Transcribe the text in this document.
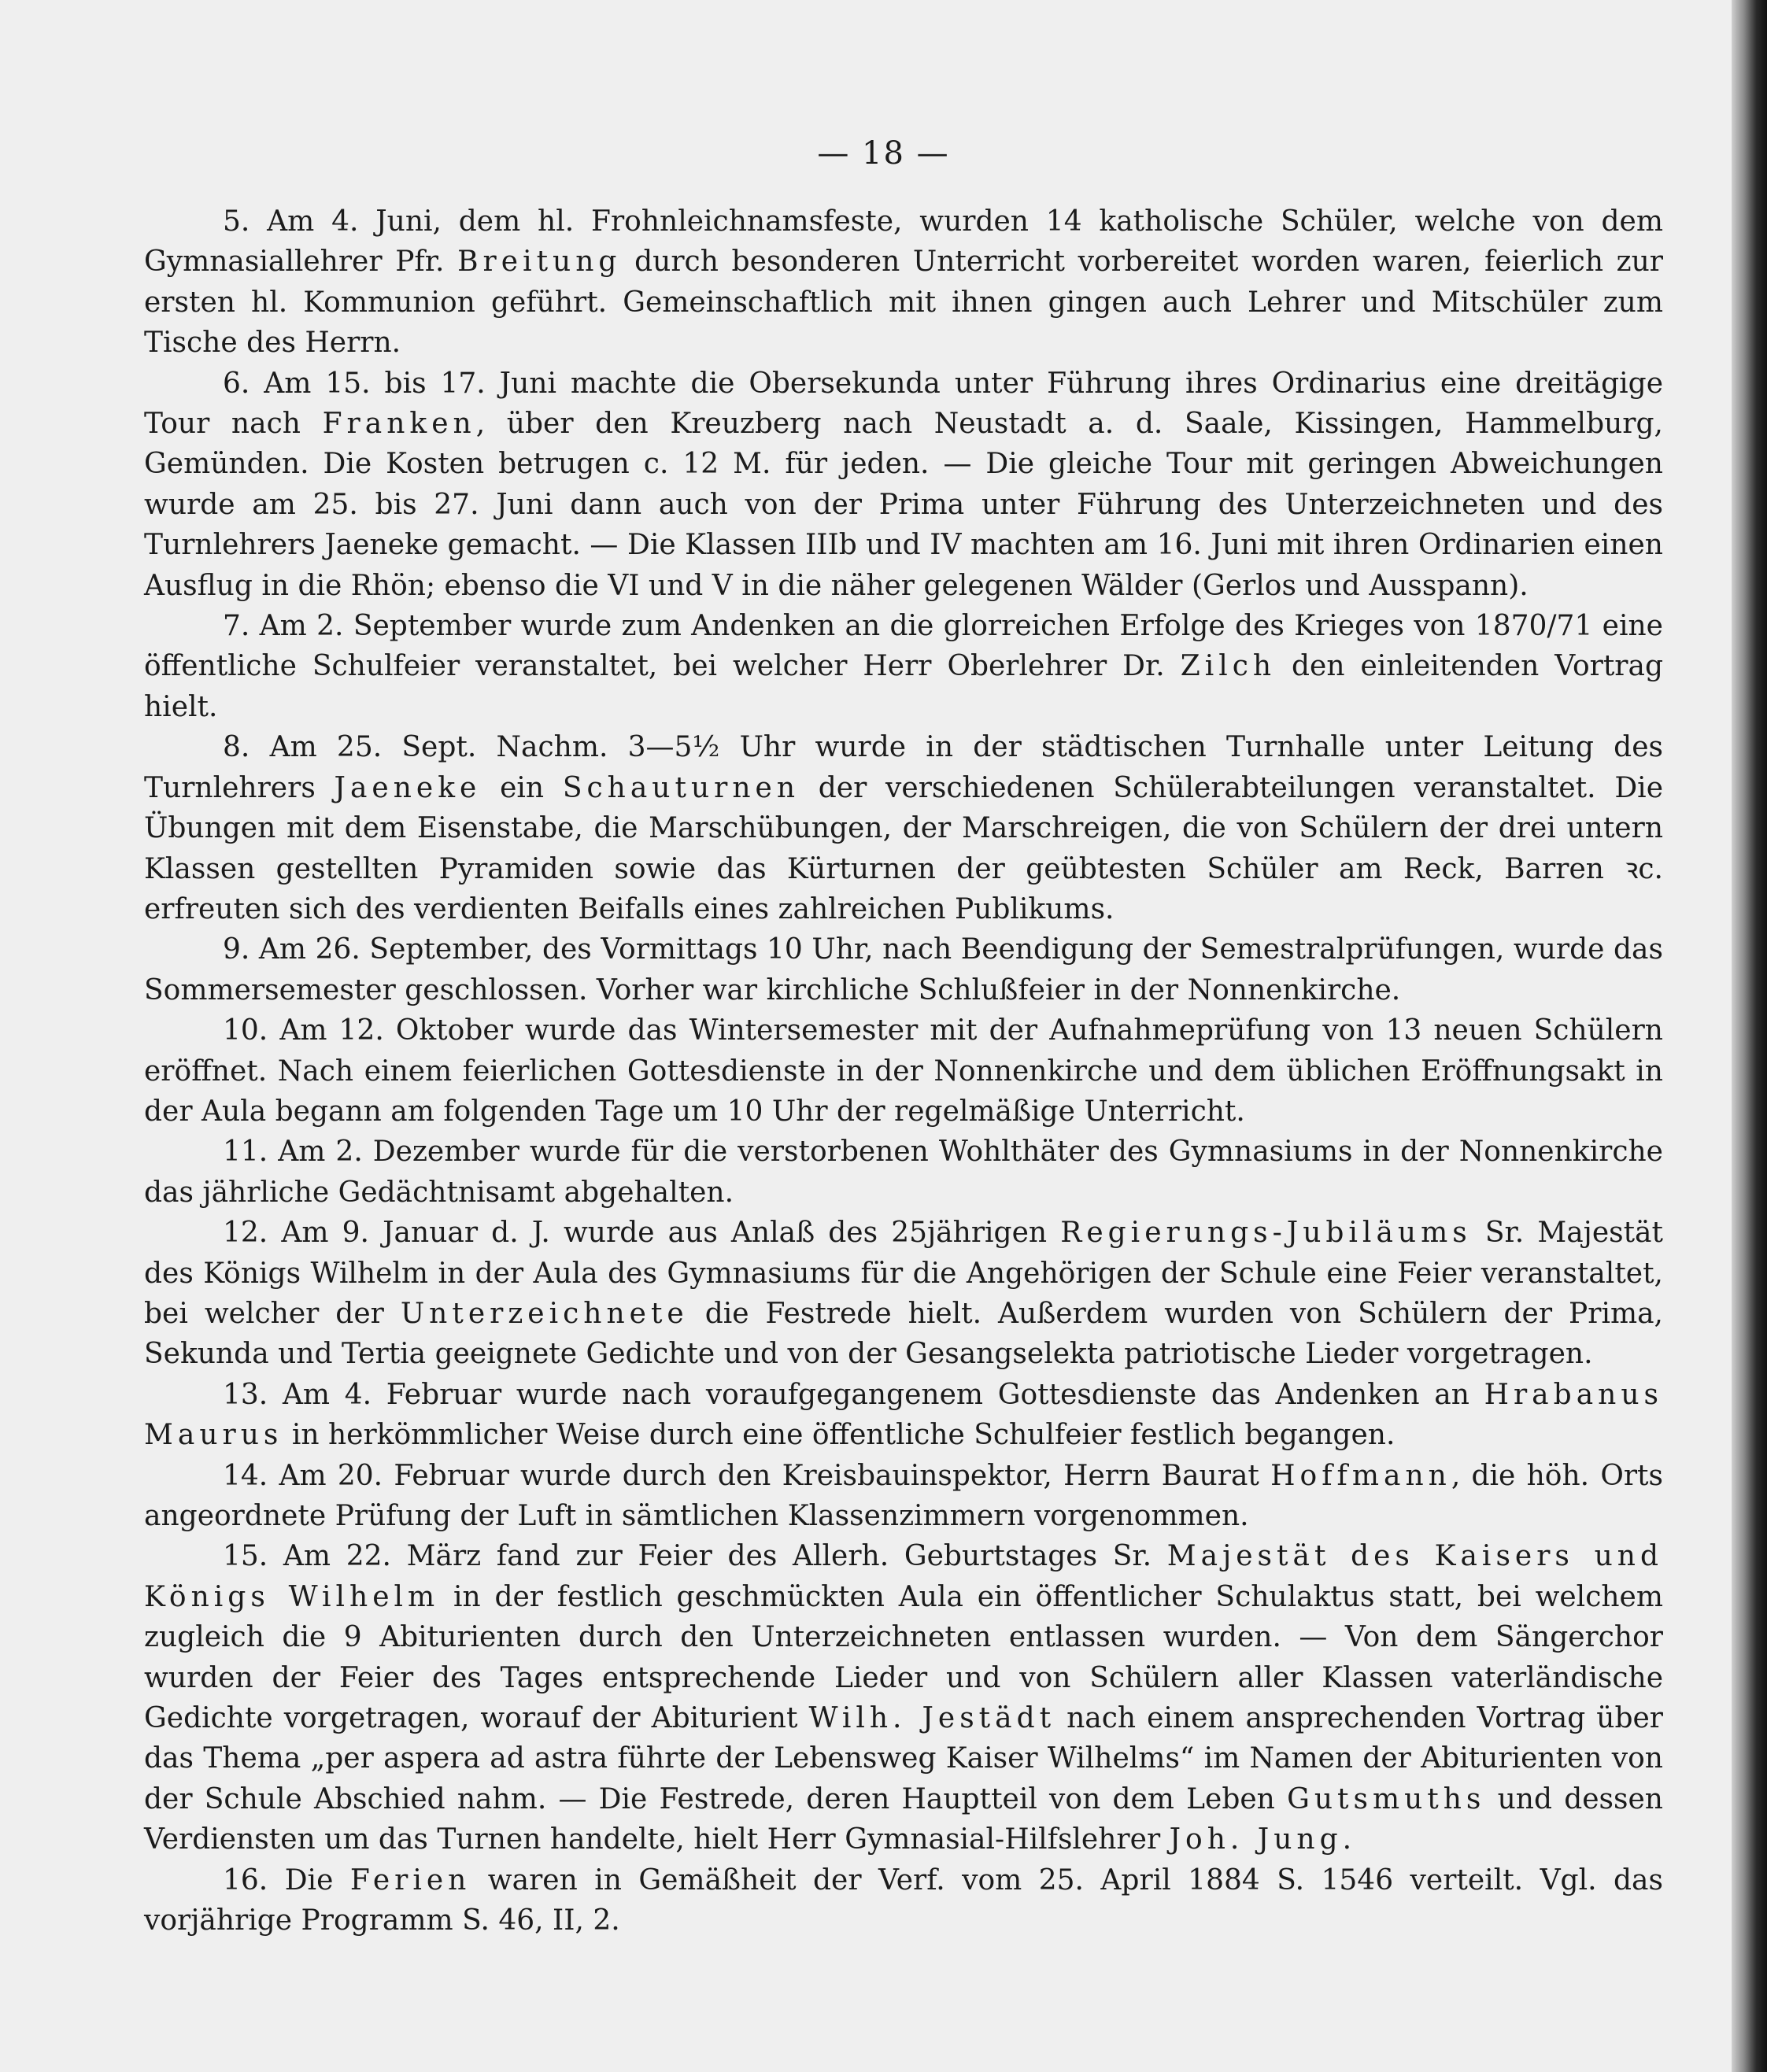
— 18 —

5. Am 4. Juni, dem hl. Frohnleichnamsfeste, wurden 14 katholische Schüler, welche von dem Gymnasiallehrer Pfr. Breitung durch besonderen Unterricht vorbereitet worden waren, feierlich zur ersten hl. Kommunion geführt. Gemeinschaftlich mit ihnen gingen auch Lehrer und Mitschüler zum Tische des Herrn.

6. Am 15. bis 17. Juni machte die Obersekunda unter Führung ihres Ordinarius eine dreitägige Tour nach Franken, über den Kreuzberg nach Neustadt a. d. Saale, Kissingen, Hammelburg, Gemünden. Die Kosten betrugen c. 12 M. für jeden. — Die gleiche Tour mit geringen Abweichungen wurde am 25. bis 27. Juni dann auch von der Prima unter Führung des Unterzeichneten und des Turnlehrers Jaeneke gemacht. — Die Klassen IIIb und IV machten am 16. Juni mit ihren Ordinarien einen Ausflug in die Rhön; ebenso die VI und V in die näher gelegenen Wälder (Gerlos und Ausspann).

7. Am 2. September wurde zum Andenken an die glorreichen Erfolge des Krieges von 1870/71 eine öffentliche Schulfeier veranstaltet, bei welcher Herr Oberlehrer Dr. Zilch den einleitenden Vortrag hielt.

8. Am 25. Sept. Nachm. 3—5½ Uhr wurde in der städtischen Turnhalle unter Leitung des Turnlehrers Jaeneke ein Schauturnen der verschiedenen Schülerabteilungen veranstaltet. Die Übungen mit dem Eisenstabe, die Marschübungen, der Marschreigen, die von Schülern der drei untern Klassen gestellten Pyramiden sowie das Kürturnen der geübtesten Schüler am Reck, Barren ꝛc. erfreuten sich des verdienten Beifalls eines zahlreichen Publikums.

9. Am 26. September, des Vormittags 10 Uhr, nach Beendigung der Semestralprüfungen, wurde das Sommersemester geschlossen. Vorher war kirchliche Schlußfeier in der Nonnenkirche.

10. Am 12. Oktober wurde das Wintersemester mit der Aufnahmeprüfung von 13 neuen Schülern eröffnet. Nach einem feierlichen Gottesdienste in der Nonnenkirche und dem üblichen Eröffnungsakt in der Aula begann am folgenden Tage um 10 Uhr der regelmäßige Unterricht.

11. Am 2. Dezember wurde für die verstorbenen Wohlthäter des Gymnasiums in der Nonnenkirche das jährliche Gedächtnisamt abgehalten.

12. Am 9. Januar d. J. wurde aus Anlaß des 25jährigen Regierungs-Jubiläums Sr. Majestät des Königs Wilhelm in der Aula des Gymnasiums für die Angehörigen der Schule eine Feier veranstaltet, bei welcher der Unterzeichnete die Festrede hielt. Außerdem wurden von Schülern der Prima, Sekunda und Tertia geeignete Gedichte und von der Gesangselekta patriotische Lieder vorgetragen.

13. Am 4. Februar wurde nach voraufgegangenem Gottesdienste das Andenken an Hrabanus Maurus in herkömmlicher Weise durch eine öffentliche Schulfeier festlich begangen.

14. Am 20. Februar wurde durch den Kreisbauinspektor, Herrn Baurat Hoffmann, die höh. Orts angeordnete Prüfung der Luft in sämtlichen Klassenzimmern vorgenommen.

15. Am 22. März fand zur Feier des Allerh. Geburtstages Sr. Majestät des Kaisers und Königs Wilhelm in der festlich geschmückten Aula ein öffentlicher Schulaktus statt, bei welchem zugleich die 9 Abiturienten durch den Unterzeichneten entlassen wurden. — Von dem Sängerchor wurden der Feier des Tages entsprechende Lieder und von Schülern aller Klassen vaterländische Gedichte vorgetragen, worauf der Abiturient Wilh. Jestädt nach einem ansprechenden Vortrag über das Thema „per aspera ad astra führte der Lebensweg Kaiser Wilhelms“ im Namen der Abiturienten von der Schule Abschied nahm. — Die Festrede, deren Hauptteil von dem Leben Gutsmuths und dessen Verdiensten um das Turnen handelte, hielt Herr Gymnasial-Hilfslehrer Joh. Jung.

16. Die Ferien waren in Gemäßheit der Verf. vom 25. April 1884 S. 1546 verteilt. Vgl. das vorjährige Programm S. 46, II, 2.
